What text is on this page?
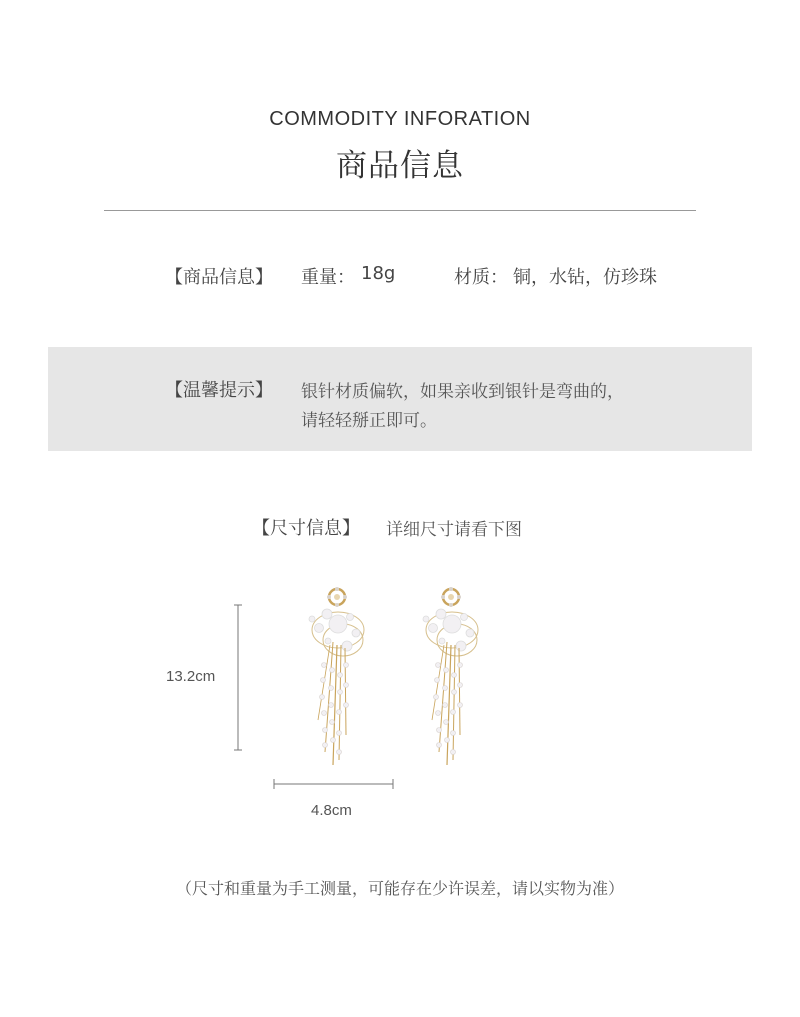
COMMODITY INFORATION
商品信息
【商品信息】 重量： 18g	材质： 铜，水钻，仿珍珠
【温馨提示】 银针材质偏软，如果亲收到银针是弯曲的，
请轻轻掰正即可。
【尺寸信息】 详细尺寸请看下图
13.2cm
4.8cm
（尺寸和重量为手工测量，可能存在少许误差，请以实物为准）
